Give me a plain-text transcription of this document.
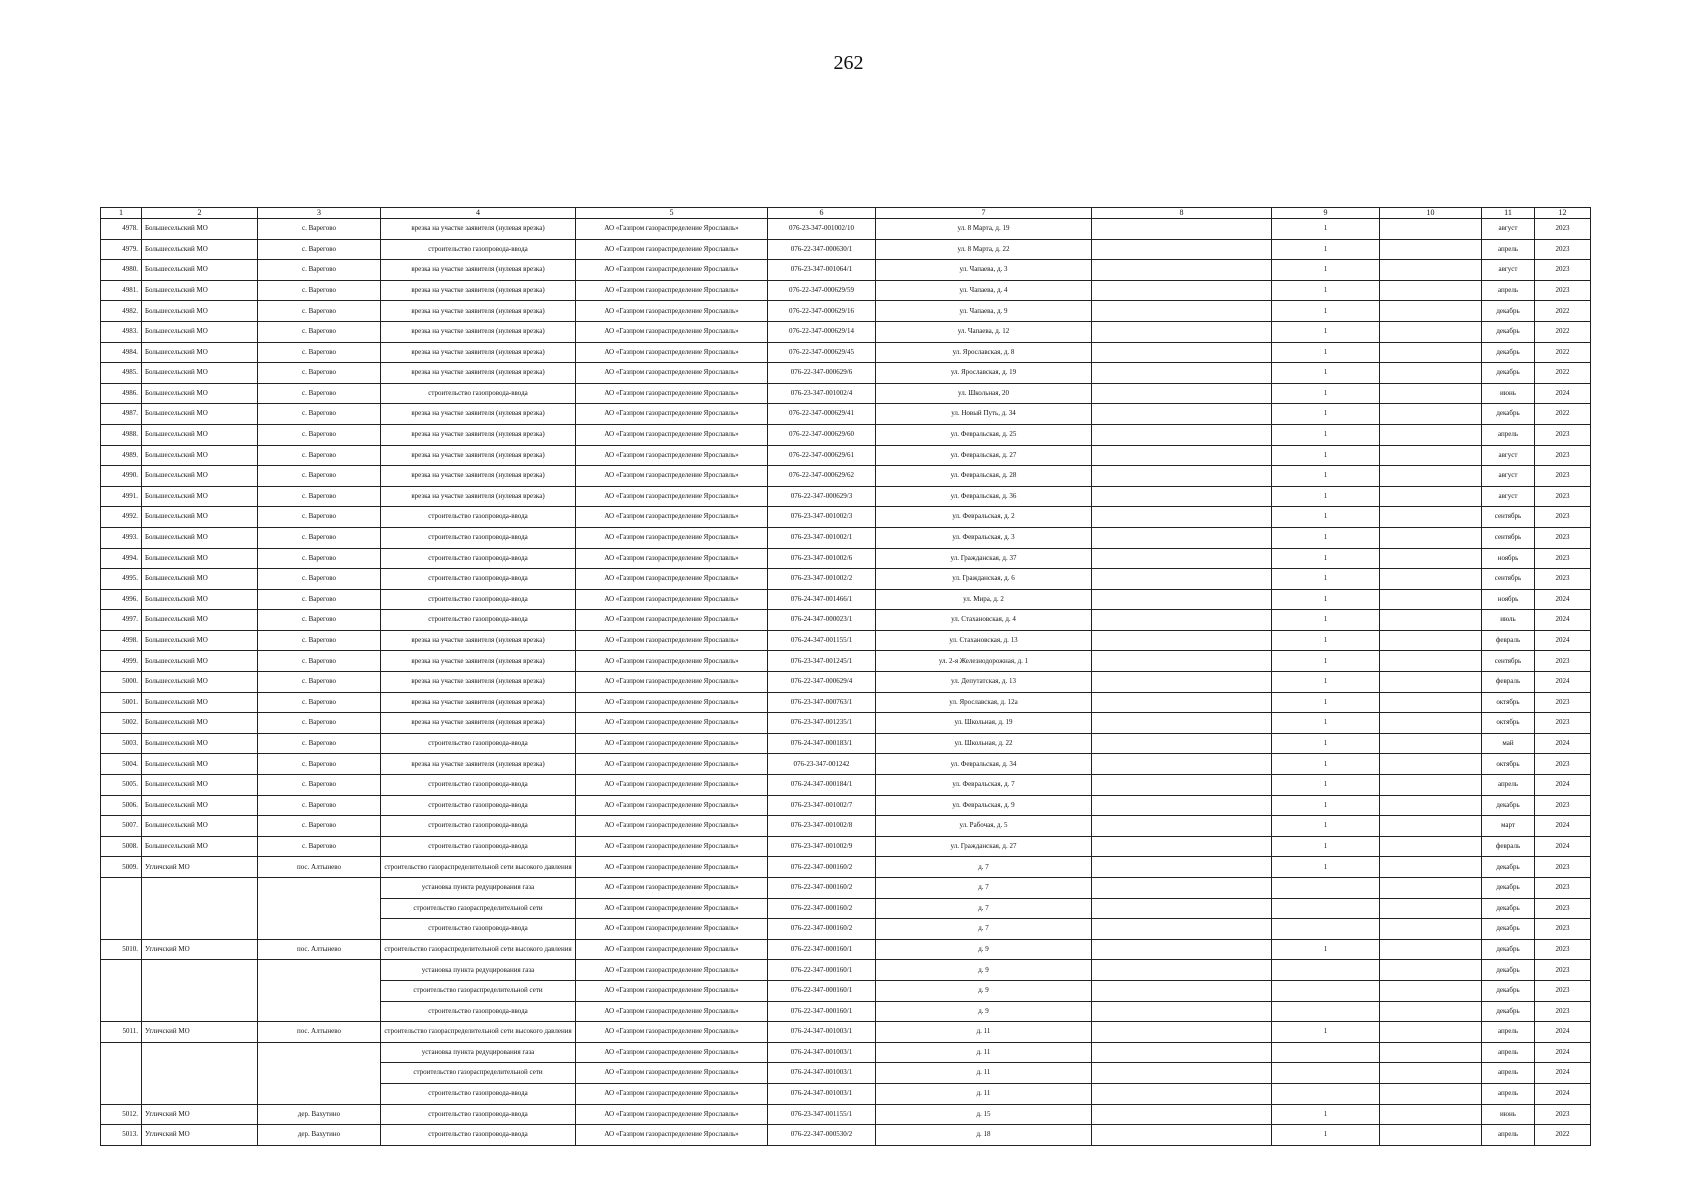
262
1	2	3	4	5	6	7	8	9	10	11	12
4978.	Большесельский МО	с. Варегово	врезка на участке заявителя (нулевая врезка)	АО «Газпром газораспределение Ярославль»	076-23-347-001002/10	ул. 8 Марта, д. 19		1		август	2023
4979.	Большесельский МО	с. Варегово	строительство газопровода-ввода	АО «Газпром газораспределение Ярославль»	076-22-347-000630/1	ул. 8 Марта, д. 22		1		апрель	2023
4980.	Большесельский МО	с. Варегово	врезка на участке заявителя (нулевая врезка)	АО «Газпром газораспределение Ярославль»	076-23-347-001064/1	ул. Чапаева, д. 3		1		август	2023
4981.	Большесельский МО	с. Варегово	врезка на участке заявителя (нулевая врезка)	АО «Газпром газораспределение Ярославль»	076-22-347-000629/59	ул. Чапаева, д. 4		1		апрель	2023
4982.	Большесельский МО	с. Варегово	врезка на участке заявителя (нулевая врезка)	АО «Газпром газораспределение Ярославль»	076-22-347-000629/16	ул. Чапаева, д. 9		1		декабрь	2022
4983.	Большесельский МО	с. Варегово	врезка на участке заявителя (нулевая врезка)	АО «Газпром газораспределение Ярославль»	076-22-347-000629/14	ул. Чапаева, д. 12		1		декабрь	2022
4984.	Большесельский МО	с. Варегово	врезка на участке заявителя (нулевая врезка)	АО «Газпром газораспределение Ярославль»	076-22-347-000629/45	ул. Ярославская, д. 8		1		декабрь	2022
4985.	Большесельский МО	с. Варегово	врезка на участке заявителя (нулевая врезка)	АО «Газпром газораспределение Ярославль»	076-22-347-000629/6	ул. Ярославская, д. 19		1		декабрь	2022
4986.	Большесельский МО	с. Варегово	строительство газопровода-ввода	АО «Газпром газораспределение Ярославль»	076-23-347-001002/4	ул. Школьная, 20		1		июнь	2024
4987.	Большесельский МО	с. Варегово	врезка на участке заявителя (нулевая врезка)	АО «Газпром газораспределение Ярославль»	076-22-347-000629/41	ул. Новый Путь, д. 34		1		декабрь	2022
4988.	Большесельский МО	с. Варегово	врезка на участке заявителя (нулевая врезка)	АО «Газпром газораспределение Ярославль»	076-22-347-000629/60	ул. Февральская, д. 25		1		апрель	2023
4989.	Большесельский МО	с. Варегово	врезка на участке заявителя (нулевая врезка)	АО «Газпром газораспределение Ярославль»	076-22-347-000629/61	ул. Февральская, д. 27		1		август	2023
4990.	Большесельский МО	с. Варегово	врезка на участке заявителя (нулевая врезка)	АО «Газпром газораспределение Ярославль»	076-22-347-000629/62	ул. Февральская, д. 28		1		август	2023
4991.	Большесельский МО	с. Варегово	врезка на участке заявителя (нулевая врезка)	АО «Газпром газораспределение Ярославль»	076-22-347-000629/3	ул. Февральская, д. 36		1		август	2023
4992.	Большесельский МО	с. Варегово	строительство газопровода-ввода	АО «Газпром газораспределение Ярославль»	076-23-347-001002/3	ул. Февральская, д. 2		1		сентябрь	2023
4993.	Большесельский МО	с. Варегово	строительство газопровода-ввода	АО «Газпром газораспределение Ярославль»	076-23-347-001002/1	ул. Февральская, д. 3		1		сентябрь	2023
4994.	Большесельский МО	с. Варегово	строительство газопровода-ввода	АО «Газпром газораспределение Ярославль»	076-23-347-001002/6	ул. Гражданская, д. 37		1		ноябрь	2023
4995.	Большесельский МО	с. Варегово	строительство газопровода-ввода	АО «Газпром газораспределение Ярославль»	076-23-347-001002/2	ул. Гражданская, д. 6		1		сентябрь	2023
4996.	Большесельский МО	с. Варегово	строительство газопровода-ввода	АО «Газпром газораспределение Ярославль»	076-24-347-001466/1	ул. Мира, д. 2		1		ноябрь	2024
4997.	Большесельский МО	с. Варегово	строительство газопровода-ввода	АО «Газпром газораспределение Ярославль»	076-24-347-000023/1	ул. Стахановская, д. 4		1		июль	2024
4998.	Большесельский МО	с. Варегово	врезка на участке заявителя (нулевая врезка)	АО «Газпром газораспределение Ярославль»	076-24-347-001155/1	ул. Стахановская, д. 13		1		февраль	2024
4999.	Большесельский МО	с. Варегово	врезка на участке заявителя (нулевая врезка)	АО «Газпром газораспределение Ярославль»	076-23-347-001245/1	ул. 2-я Железнодорожная, д. 1		1		сентябрь	2023
5000.	Большесельский МО	с. Варегово	врезка на участке заявителя (нулевая врезка)	АО «Газпром газораспределение Ярославль»	076-22-347-000629/4	ул. Депутатская, д. 13		1		февраль	2024
5001.	Большесельский МО	с. Варегово	врезка на участке заявителя (нулевая врезка)	АО «Газпром газораспределение Ярославль»	076-23-347-000763/1	ул. Ярославская, д. 12а		1		октябрь	2023
5002.	Большесельский МО	с. Варегово	врезка на участке заявителя (нулевая врезка)	АО «Газпром газораспределение Ярославль»	076-23-347-001235/1	ул. Школьная, д. 19		1		октябрь	2023
5003.	Большесельский МО	с. Варегово	строительство газопровода-ввода	АО «Газпром газораспределение Ярославль»	076-24-347-000183/1	ул. Школьная, д. 22		1		май	2024
5004.	Большесельский МО	с. Варегово	врезка на участке заявителя (нулевая врезка)	АО «Газпром газораспределение Ярославль»	076-23-347-001242	ул. Февральская, д. 34		1		октябрь	2023
5005.	Большесельский МО	с. Варегово	строительство газопровода-ввода	АО «Газпром газораспределение Ярославль»	076-24-347-000184/1	ул. Февральская, д. 7		1		апрель	2024
5006.	Большесельский МО	с. Варегово	строительство газопровода-ввода	АО «Газпром газораспределение Ярославль»	076-23-347-001002/7	ул. Февральская, д. 9		1		декабрь	2023
5007.	Большесельский МО	с. Варегово	строительство газопровода-ввода	АО «Газпром газораспределение Ярославль»	076-23-347-001002/8	ул. Рабочая, д. 5		1		март	2024
5008.	Большесельский МО	с. Варегово	строительство газопровода-ввода	АО «Газпром газораспределение Ярославль»	076-23-347-001002/9	ул. Гражданская, д. 27		1		февраль	2024
5009.	Угличский МО	пос. Алтынево	строительство газораспределительной сети высокого давления	АО «Газпром газораспределение Ярославль»	076-22-347-000160/2	д. 7		1		декабрь	2023
			установка пункта редуцирования газа	АО «Газпром газораспределение Ярославль»	076-22-347-000160/2	д. 7				декабрь	2023
			строительство газораспределительной сети	АО «Газпром газораспределение Ярославль»	076-22-347-000160/2	д. 7				декабрь	2023
			строительство газопровода-ввода	АО «Газпром газораспределение Ярославль»	076-22-347-000160/2	д. 7				декабрь	2023
5010.	Угличский МО	пос. Алтынево	строительство газораспределительной сети высокого давления	АО «Газпром газораспределение Ярославль»	076-22-347-000160/1	д. 9		1		декабрь	2023
			установка пункта редуцирования газа	АО «Газпром газораспределение Ярославль»	076-22-347-000160/1	д. 9				декабрь	2023
			строительство газораспределительной сети	АО «Газпром газораспределение Ярославль»	076-22-347-000160/1	д. 9				декабрь	2023
			строительство газопровода-ввода	АО «Газпром газораспределение Ярославль»	076-22-347-000160/1	д. 9				декабрь	2023
5011.	Угличский МО	пос. Алтынево	строительство газораспределительной сети высокого давления	АО «Газпром газораспределение Ярославль»	076-24-347-001003/1	д. 11		1		апрель	2024
			установка пункта редуцирования газа	АО «Газпром газораспределение Ярославль»	076-24-347-001003/1	д. 11				апрель	2024
			строительство газораспределительной сети	АО «Газпром газораспределение Ярославль»	076-24-347-001003/1	д. 11				апрель	2024
			строительство газопровода-ввода	АО «Газпром газораспределение Ярославль»	076-24-347-001003/1	д. 11				апрель	2024
5012.	Угличский МО	дер. Вахутино	строительство газопровода-ввода	АО «Газпром газораспределение Ярославль»	076-23-347-001155/1	д. 15		1		июнь	2023
5013.	Угличский МО	дер. Вахутино	строительство газопровода-ввода	АО «Газпром газораспределение Ярославль»	076-22-347-000530/2	д. 18		1		апрель	2022
